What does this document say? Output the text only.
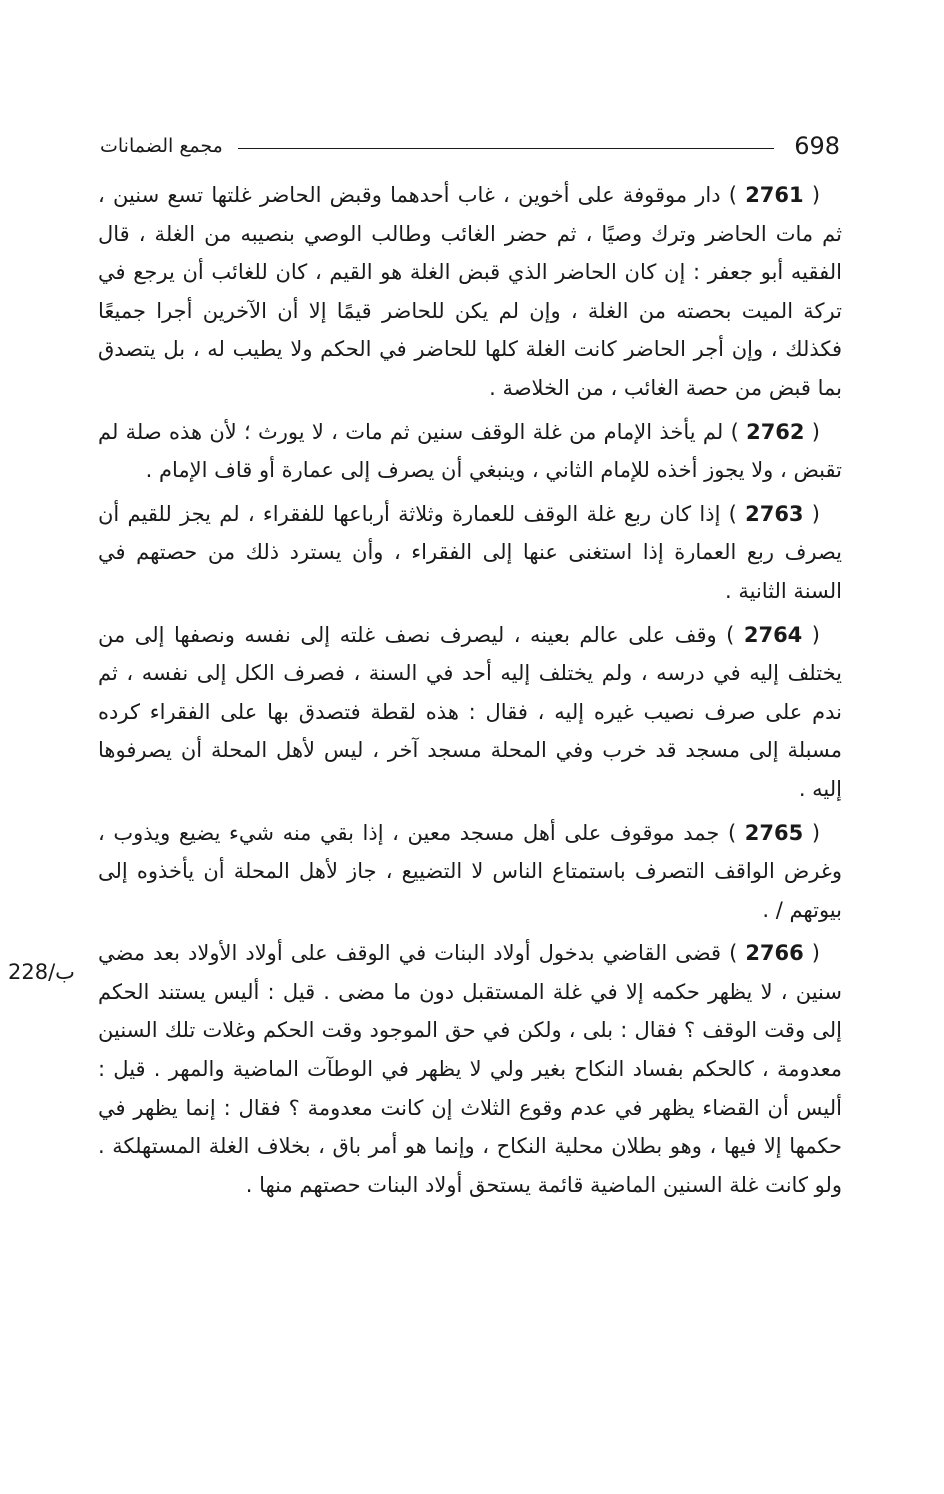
698
مجمع الضمانات
228/ب

( 2761 ) دار موقوفة على أخوين ، غاب أحدهما وقبض الحاضر غلتها تسع سنين ، ثم مات الحاضر وترك وصيًا ، ثم حضر الغائب وطالب الوصي بنصيبه من الغلة ، قال الفقيه أبو جعفر : إن كان الحاضر الذي قبض الغلة هو القيم ، كان للغائب أن يرجع في تركة الميت بحصته من الغلة ، وإن لم يكن للحاضر قيمًا إلا أن الآخرين أجرا جميعًا فكذلك ، وإن أجر الحاضر كانت الغلة كلها للحاضر في الحكم ولا يطيب له ، بل يتصدق بما قبض من حصة الغائب ، من الخلاصة .

( 2762 ) لم يأخذ الإمام من غلة الوقف سنين ثم مات ، لا يورث ؛ لأن هذه صلة لم تقبض ، ولا يجوز أخذه للإمام الثاني ، وينبغي أن يصرف إلى عمارة أو قاف الإمام .

( 2763 ) إذا كان ربع غلة الوقف للعمارة وثلاثة أرباعها للفقراء ، لم يجز للقيم أن يصرف ربع العمارة إذا استغنى عنها إلى الفقراء ، وأن يسترد ذلك من حصتهم في السنة الثانية .

( 2764 ) وقف على عالم بعينه ، ليصرف نصف غلته إلى نفسه ونصفها إلى من يختلف إليه في درسه ، ولم يختلف إليه أحد في السنة ، فصرف الكل إلى نفسه ، ثم ندم على صرف نصيب غيره إليه ، فقال : هذه لقطة فتصدق بها على الفقراء كرده مسبلة إلى مسجد قد خرب وفي المحلة مسجد آخر ، ليس لأهل المحلة أن يصرفوها إليه .

( 2765 ) جمد موقوف على أهل مسجد معين ، إذا بقي منه شيء يضيع ويذوب ، وغرض الواقف التصرف باستمتاع الناس لا التضييع ، جاز لأهل المحلة أن يأخذوه إلى بيوتهم / .

( 2766 ) قضى القاضي بدخول أولاد البنات في الوقف على أولاد الأولاد بعد مضي سنين ، لا يظهر حكمه إلا في غلة المستقبل دون ما مضى . قيل : أليس يستند الحكم إلى وقت الوقف ؟ فقال : بلى ، ولكن في حق الموجود وقت الحكم وغلات تلك السنين معدومة ، كالحكم بفساد النكاح بغير ولي لا يظهر في الوطآت الماضية والمهر . قيل : أليس أن القضاء يظهر في عدم وقوع الثلاث إن كانت معدومة ؟ فقال : إنما يظهر في حكمها إلا فيها ، وهو بطلان محلية النكاح ، وإنما هو أمر باق ، بخلاف الغلة المستهلكة . ولو كانت غلة السنين الماضية قائمة يستحق أولاد البنات حصتهم منها .
